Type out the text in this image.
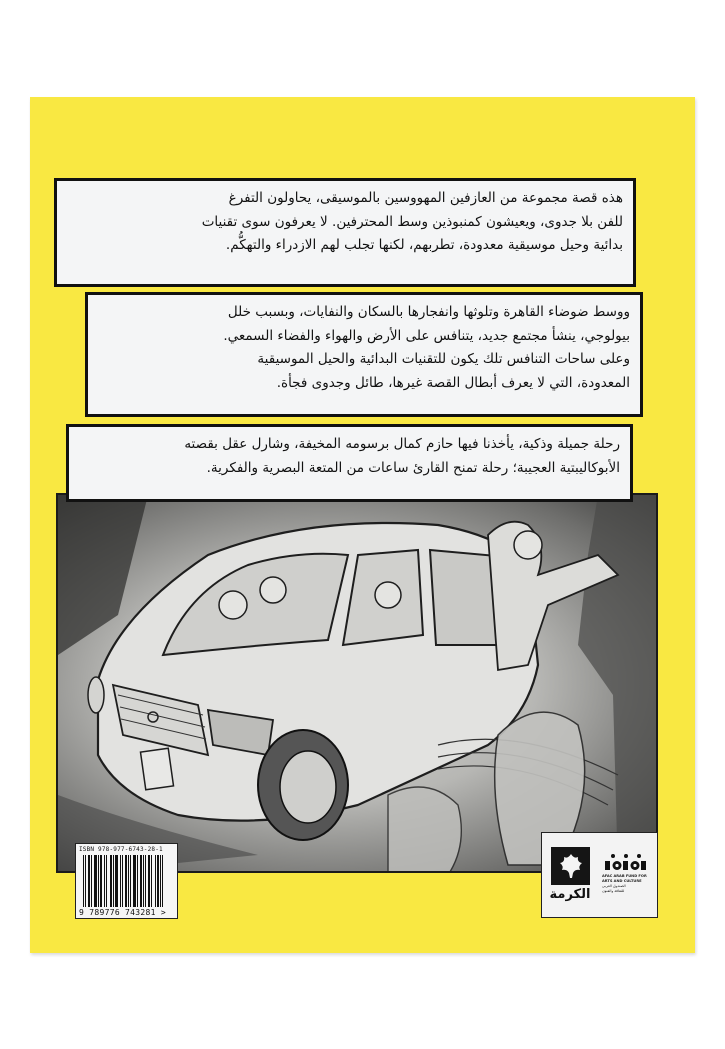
هذه قصة مجموعة من العازفين المهووسين بالموسيقى، يحاولون التفرغ

للفن بلا جدوى، ويعيشون كمنبوذين وسط المحترفين. لا يعرفون سوى تقنيات

بدائية وحيل موسيقية معدودة، تطربهم، لكنها تجلب لهم الازدراء والتهكُّم.

ووسط ضوضاء القاهرة وتلوثها وانفجارها بالسكان والنفايات، وبسبب خلل

بيولوجي، ينشأ مجتمع جديد، يتنافس على الأرض والهواء والفضاء السمعي.

وعلى ساحات التنافس تلك يكون للتقنيات البدائية والحيل الموسيقية

المعدودة، التي لا يعرف أبطال القصة غيرها، طائل وجدوى فجأة.

رحلة جميلة وذكية، يأخذنا فيها حازم كمال برسومه المخيفة، وشارل عقل بقصته

الأبوكاليبتية العجيبة؛ رحلة تمنح القارئ ساعات من المتعة البصرية والفكرية.

ISBN 978-977-6743-28-1
9 789776 743281 >
الكرمة
AFAC ARAB FUND FOR
ARTS AND CULTURE
الصندوق العربي
للثقافة والفنون
